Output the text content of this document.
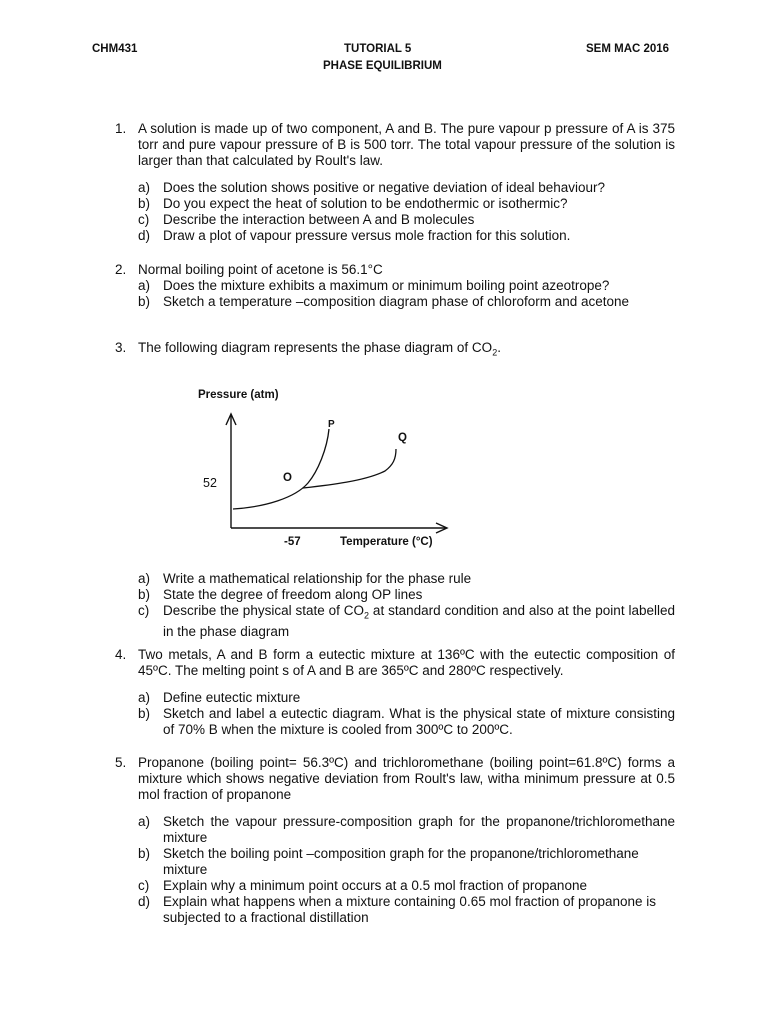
CHM431	TUTORIAL 5
PHASE EQUILIBRIUM
SEM MAC 2016
1. A solution is made up of two component, A and B. The pure vapour p pressure of A is 375 torr and pure vapour pressure of B is 500 torr. The total vapour pressure of the solution is larger than that calculated by Roult's law.
a) Does the solution shows positive or negative deviation of ideal behaviour?
b) Do you expect the heat of solution to be endothermic or isothermic?
c) Describe the interaction between A and B molecules
d) Draw a plot of vapour pressure versus mole fraction for this solution.
2. Normal boiling point of acetone is 56.1°C
a) Does the mixture exhibits a maximum or minimum boiling point azeotrope?
b) Sketch a temperature –composition diagram phase of chloroform and acetone
3. The following diagram represents the phase diagram of $CO_2$.
Pressure (atm)
Temperature (°C)
52
-57
O
P
Q
a) Write a mathematical relationship for the phase rule
b) State the degree of freedom along OP lines
c) Describe the physical state of $CO_2$ at standard condition and also at the point labelled in the phase diagram
4. Two metals, A and B form a eutectic mixture at 136ºC with the eutectic composition of 45ºC. The melting point s of A and B are 365ºC and 280ºC respectively.
a) Define eutectic mixture
b) Sketch and label a eutectic diagram. What is the physical state of mixture consisting of 70% B when the mixture is cooled from 300ºC to 200ºC.
5. Propanone (boiling point= 56.3ºC) and trichloromethane (boiling point=61.8ºC) forms a mixture which shows negative deviation from Roult's law, witha minimum pressure at 0.5 mol fraction of propanone
a) Sketch the vapour pressure-composition graph for the propanone/trichloromethane mixture
b) Sketch the boiling point –composition graph for the propanone/trichloromethane mixture
c) Explain why a minimum point occurs at a 0.5 mol fraction of propanone
d) Explain what happens when a mixture containing 0.65 mol fraction of propanone is subjected to a fractional distillation
